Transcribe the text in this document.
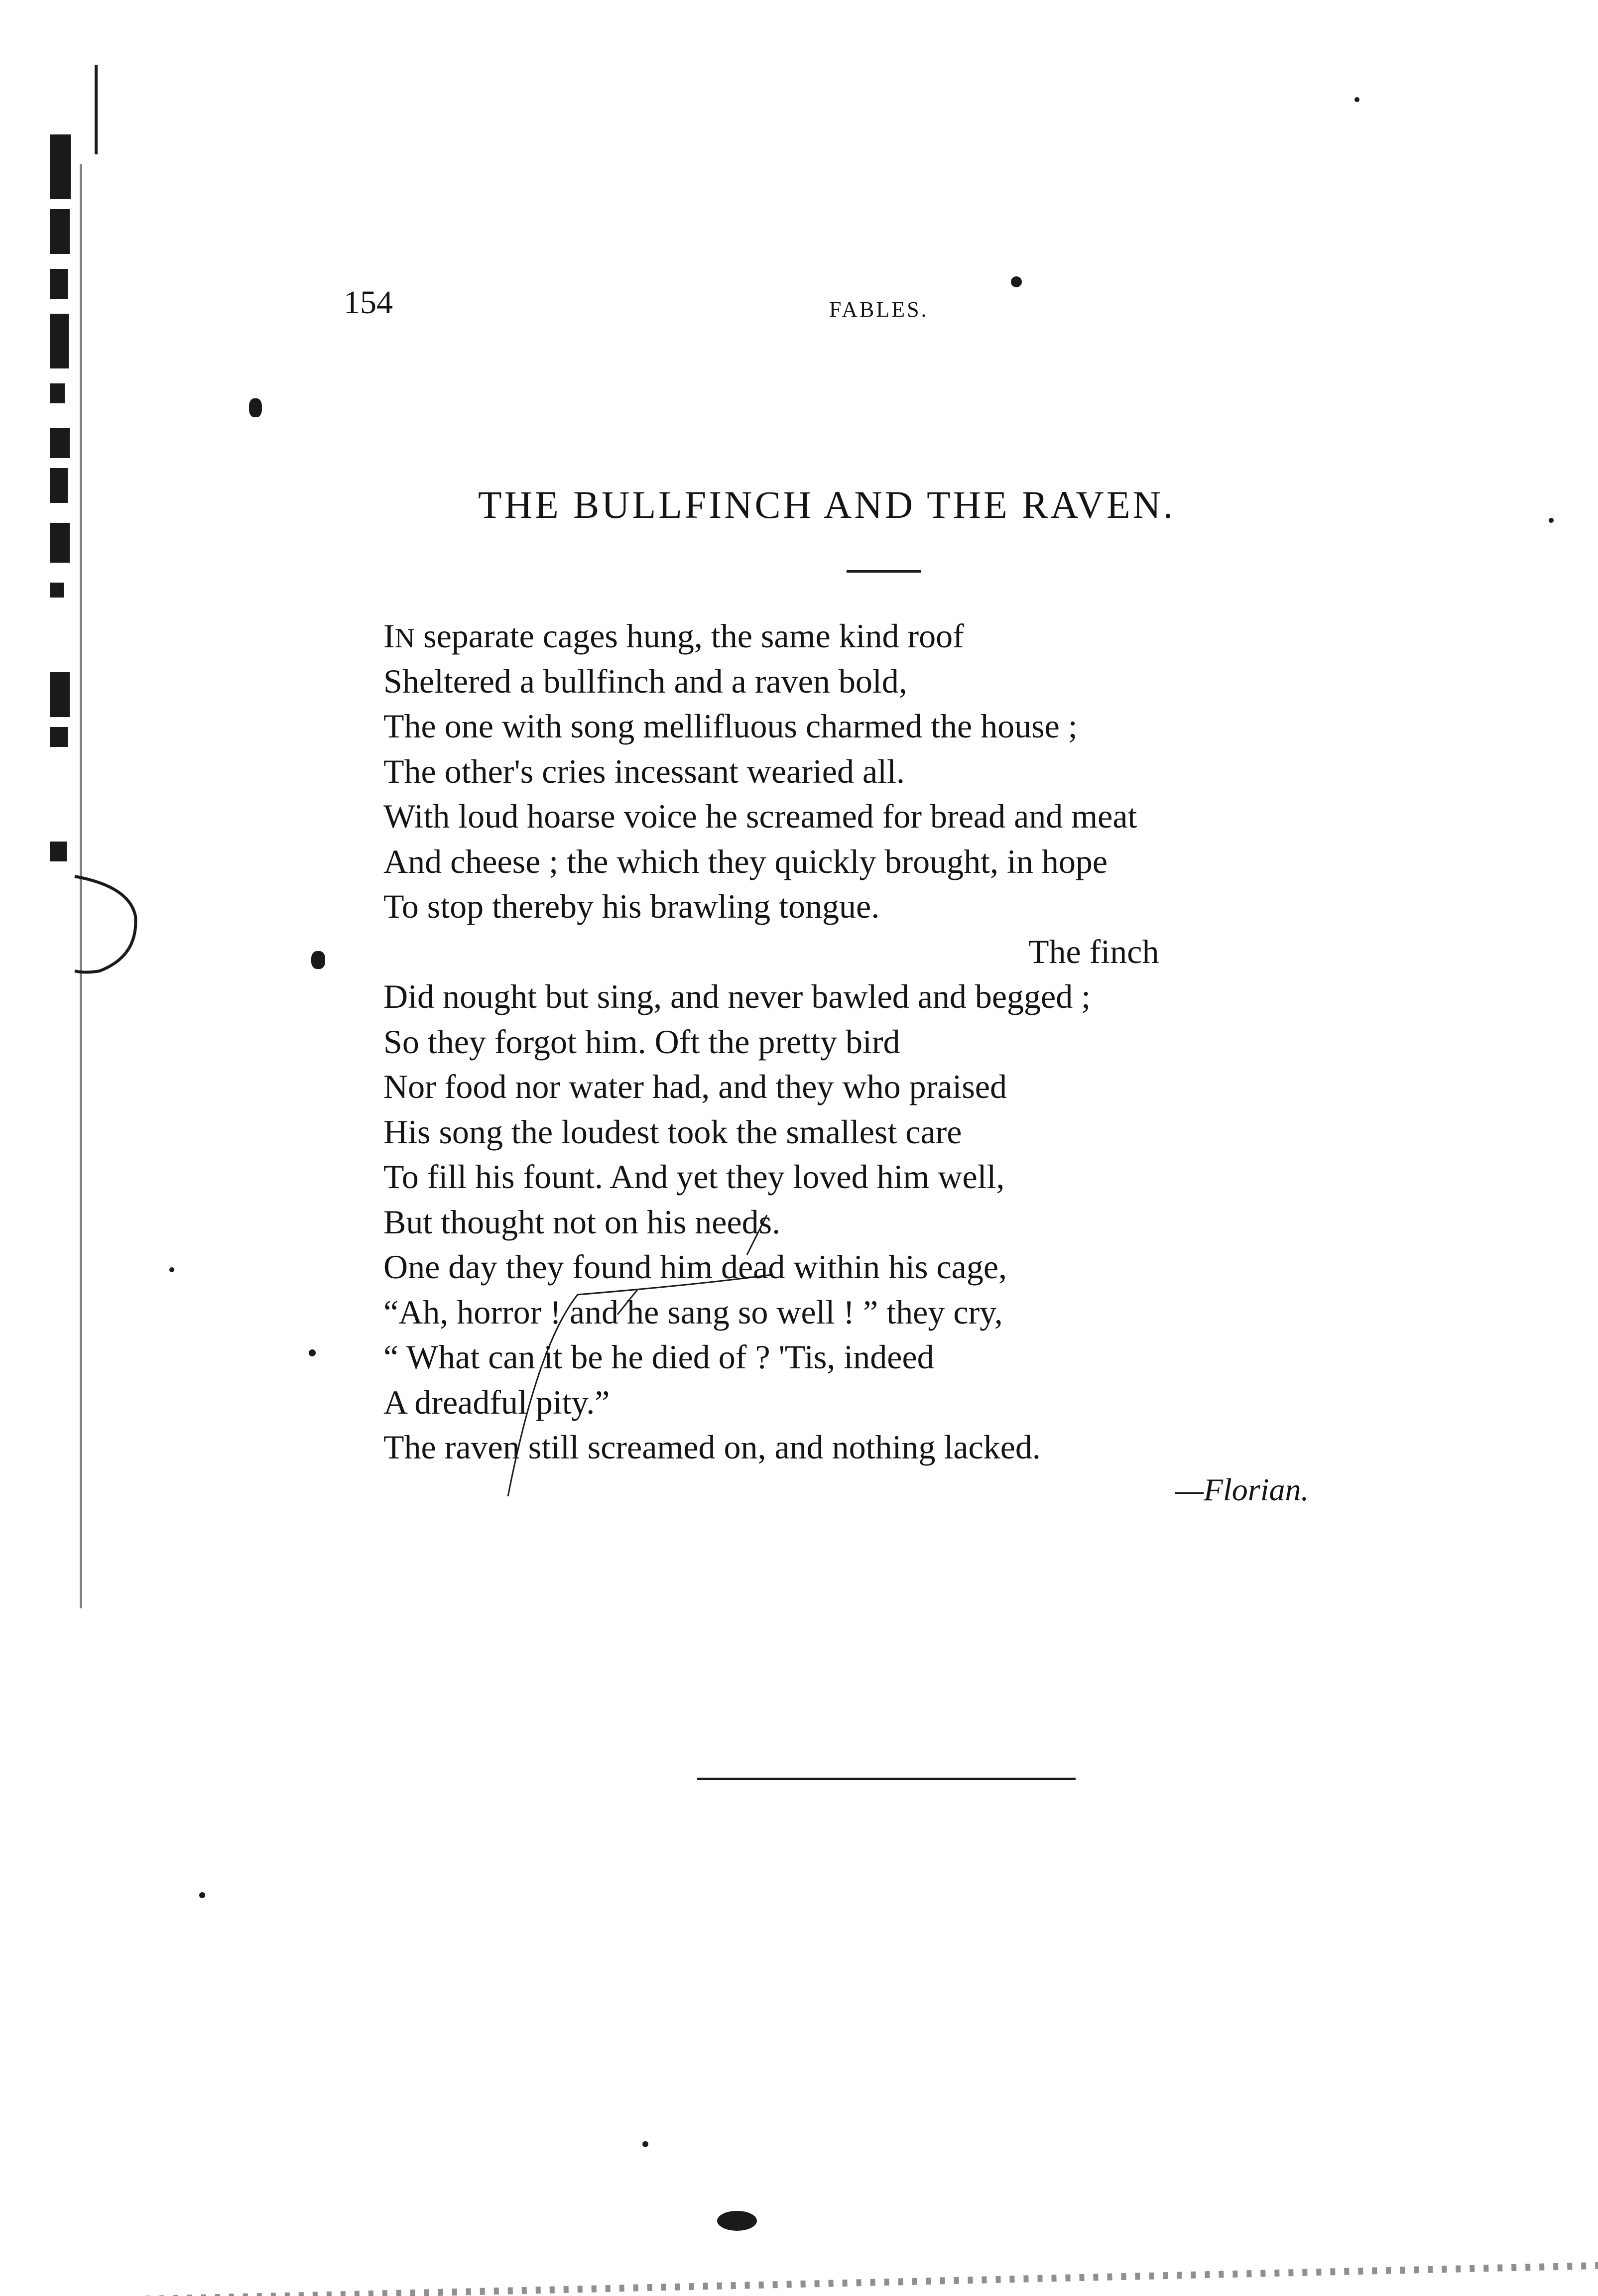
154	FABLES.
THE BULLFINCH AND THE RAVEN.
IN separate cages hung, the same kind roof
Sheltered a bullfinch and a raven bold,
The one with song mellifluous charmed the house ;
The other's cries incessant wearied all.
With loud hoarse voice he screamed for bread and meat
And cheese ; the which they quickly brought, in hope
To stop thereby his brawling tongue.
The finch
Did nought but sing, and never bawled and begged ;
So they forgot him. Oft the pretty bird
Nor food nor water had, and they who praised
His song the loudest took the smallest care
To fill his fount. And yet they loved him well,
But thought not on his needs.
One day they found him dead within his cage,
“Ah, horror ! and he sang so well ! ” they cry,
“ What can it be he died of ? 'Tis, indeed
A dreadful pity.”
The raven still screamed on, and nothing lacked.
—Florian.
